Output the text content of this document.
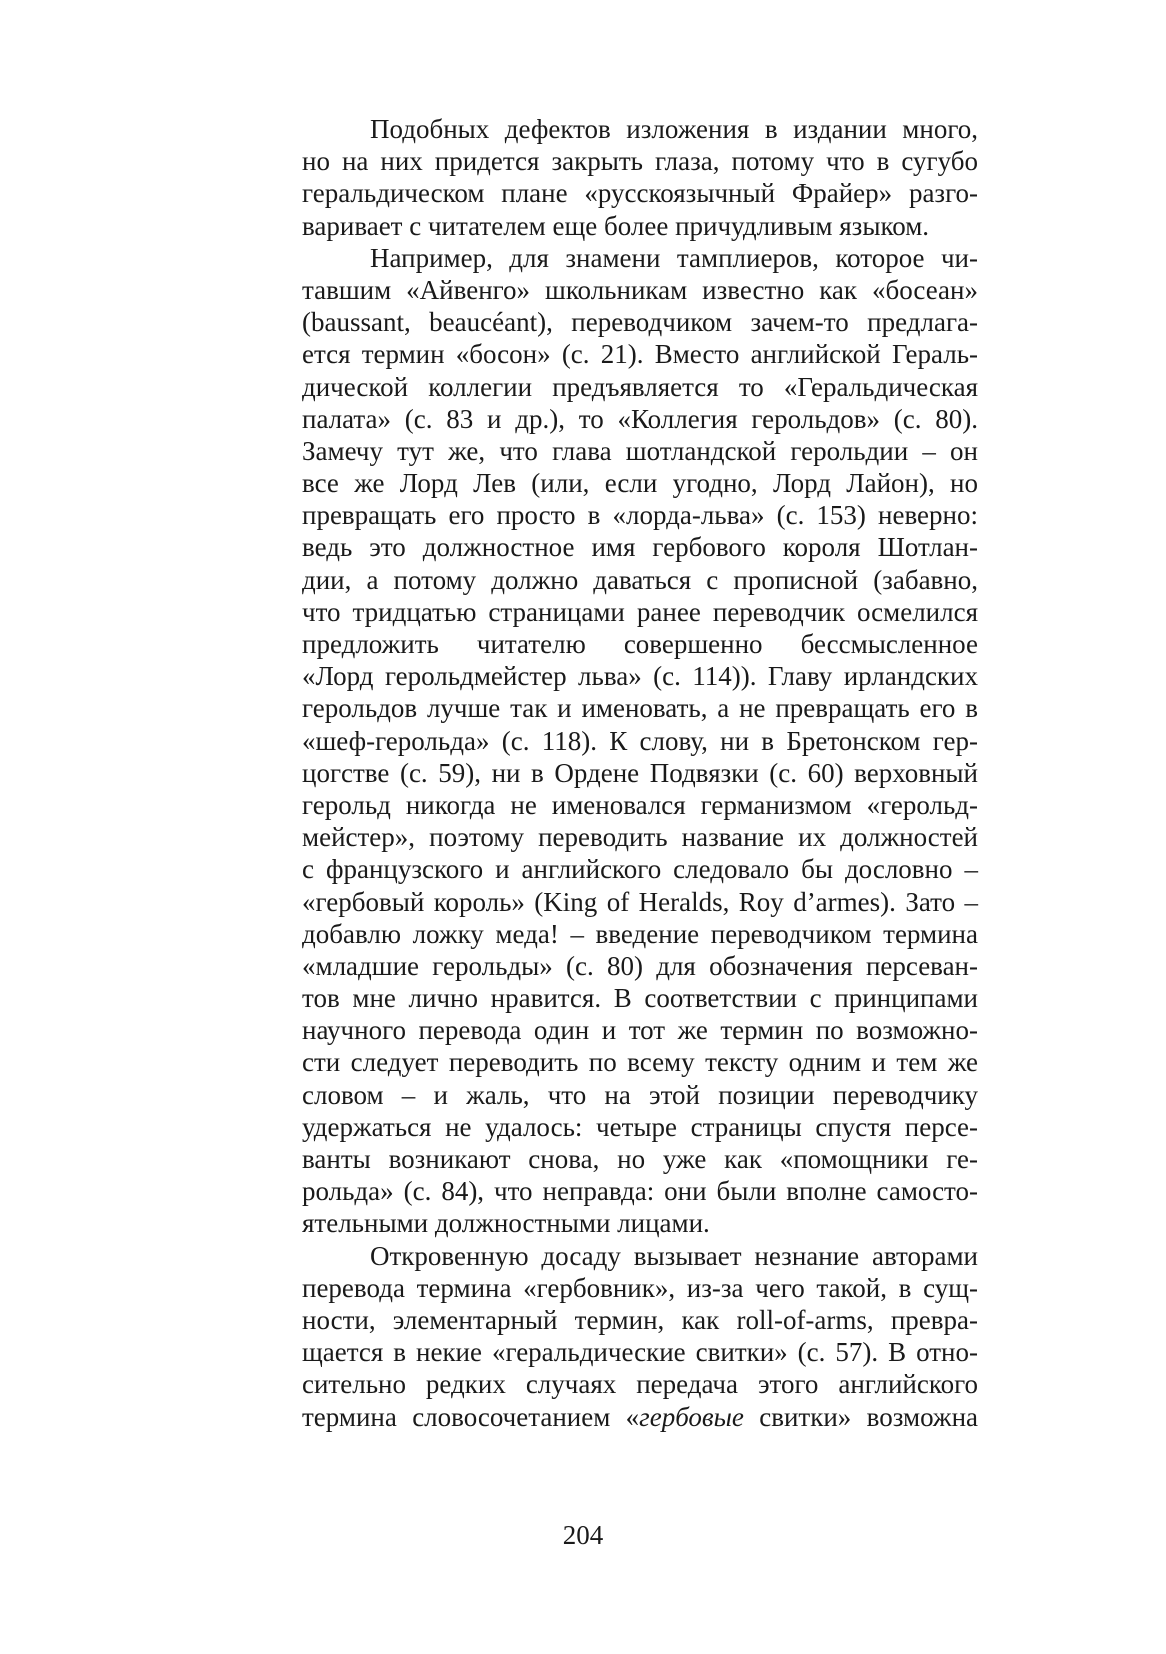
Подобных дефектов изложения в издании много,
но на них придется закрыть глаза, потому что в сугубо
геральдическом плане «русскоязычный Фрайер» разго-
варивает с читателем еще более причудливым языком.
Например, для знамени тамплиеров, которое чи-
тавшим «Айвенго» школьникам известно как «босеан»
(baussant, beaucéant), переводчиком зачем-то предлага-
ется термин «босон» (с. 21). Вместо английской Гераль-
дической коллегии предъявляется то «Геральдическая
палата» (с. 83 и др.), то «Коллегия герольдов» (с. 80).
Замечу тут же, что глава шотландской герольдии – он
все же Лорд Лев (или, если угодно, Лорд Лайон), но
превращать его просто в «лорда-льва» (с. 153) неверно:
ведь это должностное имя гербового короля Шотлан-
дии, а потому должно даваться с прописной (забавно,
что тридцатью страницами ранее переводчик осмелился
предложить читателю совершенно бессмысленное
«Лорд герольдмейстер льва» (с. 114)). Главу ирландских
герольдов лучше так и именовать, а не превращать его в
«шеф-герольда» (с. 118). К слову, ни в Бретонском гер-
цогстве (с. 59), ни в Ордене Подвязки (с. 60) верховный
герольд никогда не именовался германизмом «герольд-
мейстер», поэтому переводить название их должностей
с французского и английского следовало бы дословно –
«гербовый король» (King of Heralds, Roy d’armes). Зато –
добавлю ложку меда! – введение переводчиком термина
«младшие герольды» (с. 80) для обозначения персеван-
тов мне лично нравится. В соответствии с принципами
научного перевода один и тот же термин по возможно-
сти следует переводить по всему тексту одним и тем же
словом – и жаль, что на этой позиции переводчику
удержаться не удалось: четыре страницы спустя персе-
ванты возникают снова, но уже как «помощники ге-
рольда» (с. 84), что неправда: они были вполне самосто-
ятельными должностными лицами.
Откровенную досаду вызывает незнание авторами
перевода термина «гербовник», из-за чего такой, в сущ-
ности, элементарный термин, как roll-of-arms, превра-
щается в некие «геральдические свитки» (с. 57). В отно-
сительно редких случаях передача этого английского
термина словосочетанием «гербовые свитки» возможна
204
